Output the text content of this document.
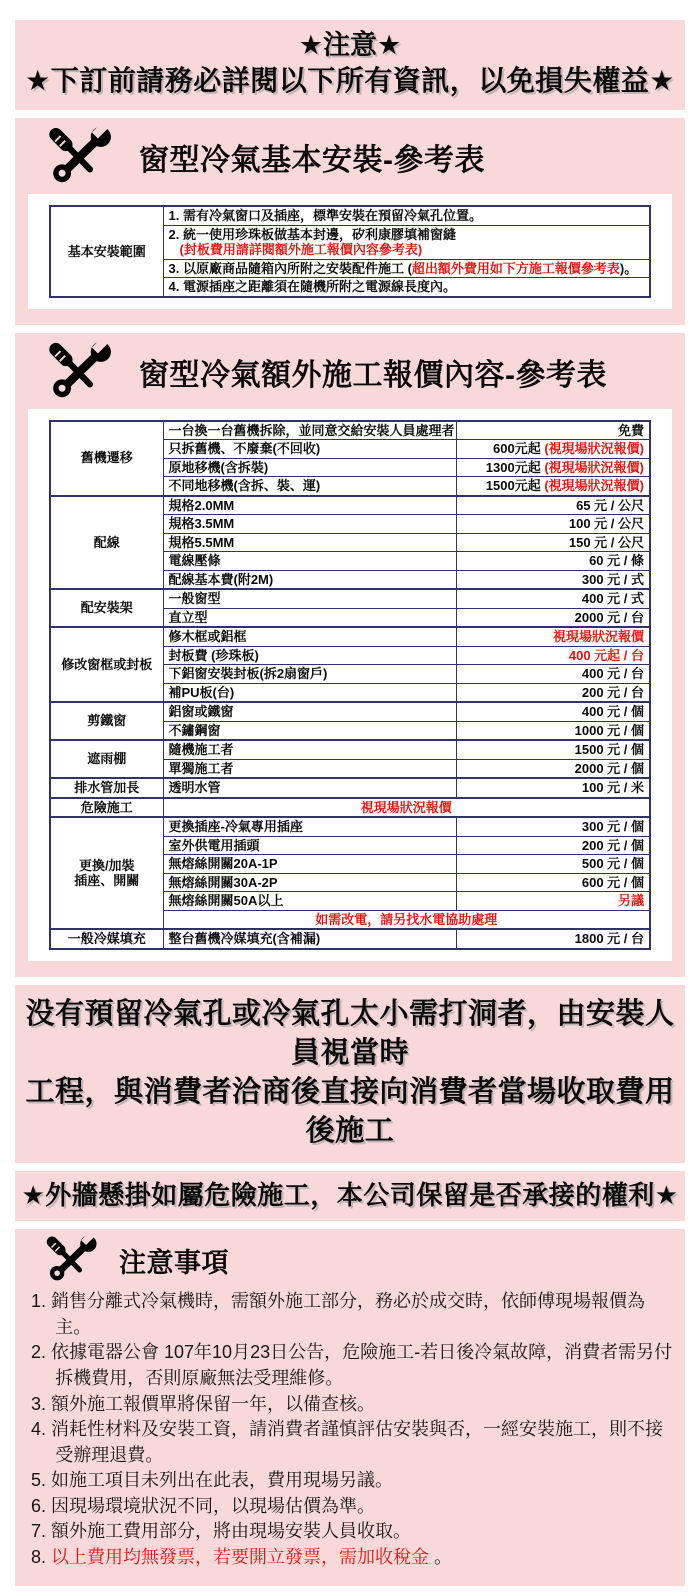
★注意★
★下訂前請務必詳閱以下所有資訊，以免損失權益★
窗型冷氣基本安裝-參考表
基本安裝範圍	1. 需有冷氣窗口及插座，標準安裝在預留冷氣孔位置。
2. 統一使用珍珠板做基本封邊，矽利康膠填補窗縫
(封板費用請詳閱額外施工報價內容參考表)

3. 以原廠商品隨箱內所附之安裝配件施工 (超出額外費用如下方施工報價參考表)。
4. 電源插座之距離須在隨機所附之電源線長度內。
窗型冷氣額外施工報價內容-參考表
舊機遷移	一台換一台舊機拆除，並同意交給安裝人員處理者	免費
	只拆舊機、不廢棄(不回收)	600元起 (視現場狀況報價)
	原地移機(含拆裝)	1300元起 (視現場狀況報價)
	不同地移機(含拆、裝、運)	1500元起 (視現場狀況報價)

配線	規格2.0MM	65 元 / 公尺
	規格3.5MM	100 元 / 公尺
	規格5.5MM	150 元 / 公尺
	電線壓條	60 元 / 條
	配線基本費(附2M)	300 元 / 式

配安裝架	一般窗型	400 元 / 式
	直立型	2000 元 / 台

修改窗框或封板	修木框或鋁框	視現場狀況報價
	封板費 (珍珠板)	400 元起 / 台
	下鋁窗安裝封板(拆2扇窗戶)	400 元 / 台
	補PU板(台)	200 元 / 台

剪鐵窗	鋁窗或鐵窗	400 元 / 個
	不鏽鋼窗	1000 元 / 個

遮雨棚	隨機施工者	1500 元 / 個
	單獨施工者	2000 元 / 個

排水管加長	透明水管	100 元 / 米

危險施工	視現場狀況報價	

更換/加裝
插座、開關	更換插座-冷氣專用插座	300 元 / 個
	室外供電用插頭	200 元 / 個
	無熔絲開關20A-1P	500 元 / 個
	無熔絲開關30A-2P	600 元 / 個
	無熔絲開關50A以上	另議
	如需改電，請另找水電協助處理	

一般冷媒填充	整台舊機冷媒填充(含補漏)	1800 元 / 台
没有預留冷氣孔或冷氣孔太小需打洞者，由安裝人員視當時
工程，與消費者洽商後直接向消費者當場收取費用後施工
★外牆懸掛如屬危險施工，本公司保留是否承接的權利★
注意事項
1. 銷售分離式冷氣機時，需額外施工部分，務必於成交時，依師傅現場報價為主。
2. 依據電器公會 107年10月23日公告，危險施工-若日後冷氣故障，消費者需另付拆機費用，否則原廠無法受理維修。
3. 額外施工報價單將保留一年，以備查核。
4. 消耗性材料及安裝工資，請消費者謹慎評估安裝與否，一經安裝施工，則不接受辦理退費。
5. 如施工項目未列出在此表，費用現場另議。
6. 因現場環境狀況不同，以現場估價為準。
7. 額外施工費用部分，將由現場安裝人員收取。
8. 以上費用均無發票，若要開立發票，需加收稅金 。
